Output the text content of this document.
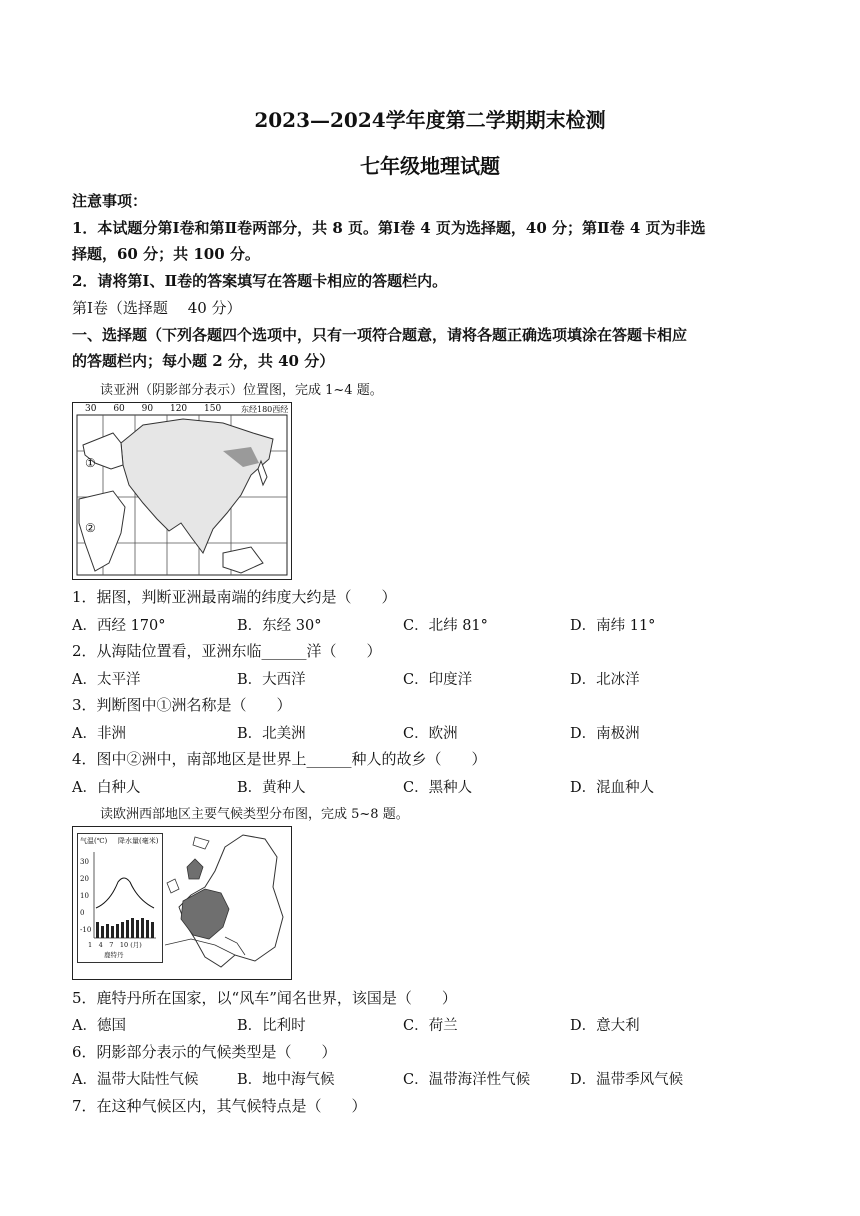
2023—2024学年度第二学期期末检测
七年级地理试题
注意事项：
1．本试题分第Ⅰ卷和第Ⅱ卷两部分，共 8 页。第Ⅰ卷 4 页为选择题，40 分；第Ⅱ卷 4 页为非选
择题，60 分；共 100 分。
2．请将第Ⅰ、Ⅱ卷的答案填写在答题卡相应的答题栏内。
第Ⅰ卷（选择题　 40 分）
一、选择题（下列各题四个选项中，只有一项符合题意，请将各题正确选项填涂在答题卡相应
的答题栏内；每小题 2 分，共 40 分）
读亚洲（阴影部分表示）位置图，完成 1~4 题。
30 60 90 120 150 东经180西经
①
②
1．据图，判断亚洲最南端的纬度大约是（　　）
A．西经 170°	B．东经 30°	C．北纬 81°	D．南纬 11°
2．从海陆位置看，亚洲东临______洋（　　）
A．太平洋	B．大西洋	C．印度洋	D．北冰洋
3．判断图中①洲名称是（　　）
A．非洲	B．北美洲	C．欧洲	D．南极洲
4．图中②洲中，南部地区是世界上______种人的故乡（　　）
A．白种人	B．黄种人	C．黑种人	D．混血种人
读欧洲西部地区主要气候类型分布图，完成 5~8 题。
气温(℃) 降水量(毫米)
30
20
10
0
-10
1　4　7　10 (月)
鹿特丹
5．鹿特丹所在国家，以“风车”闻名世界，该国是（　　）
A．德国	B．比利时	C．荷兰	D．意大利
6．阴影部分表示的气候类型是（　　）
A．温带大陆性气候	B．地中海气候	C．温带海洋性气候	D．温带季风气候
7．在这种气候区内，其气候特点是（　　）
